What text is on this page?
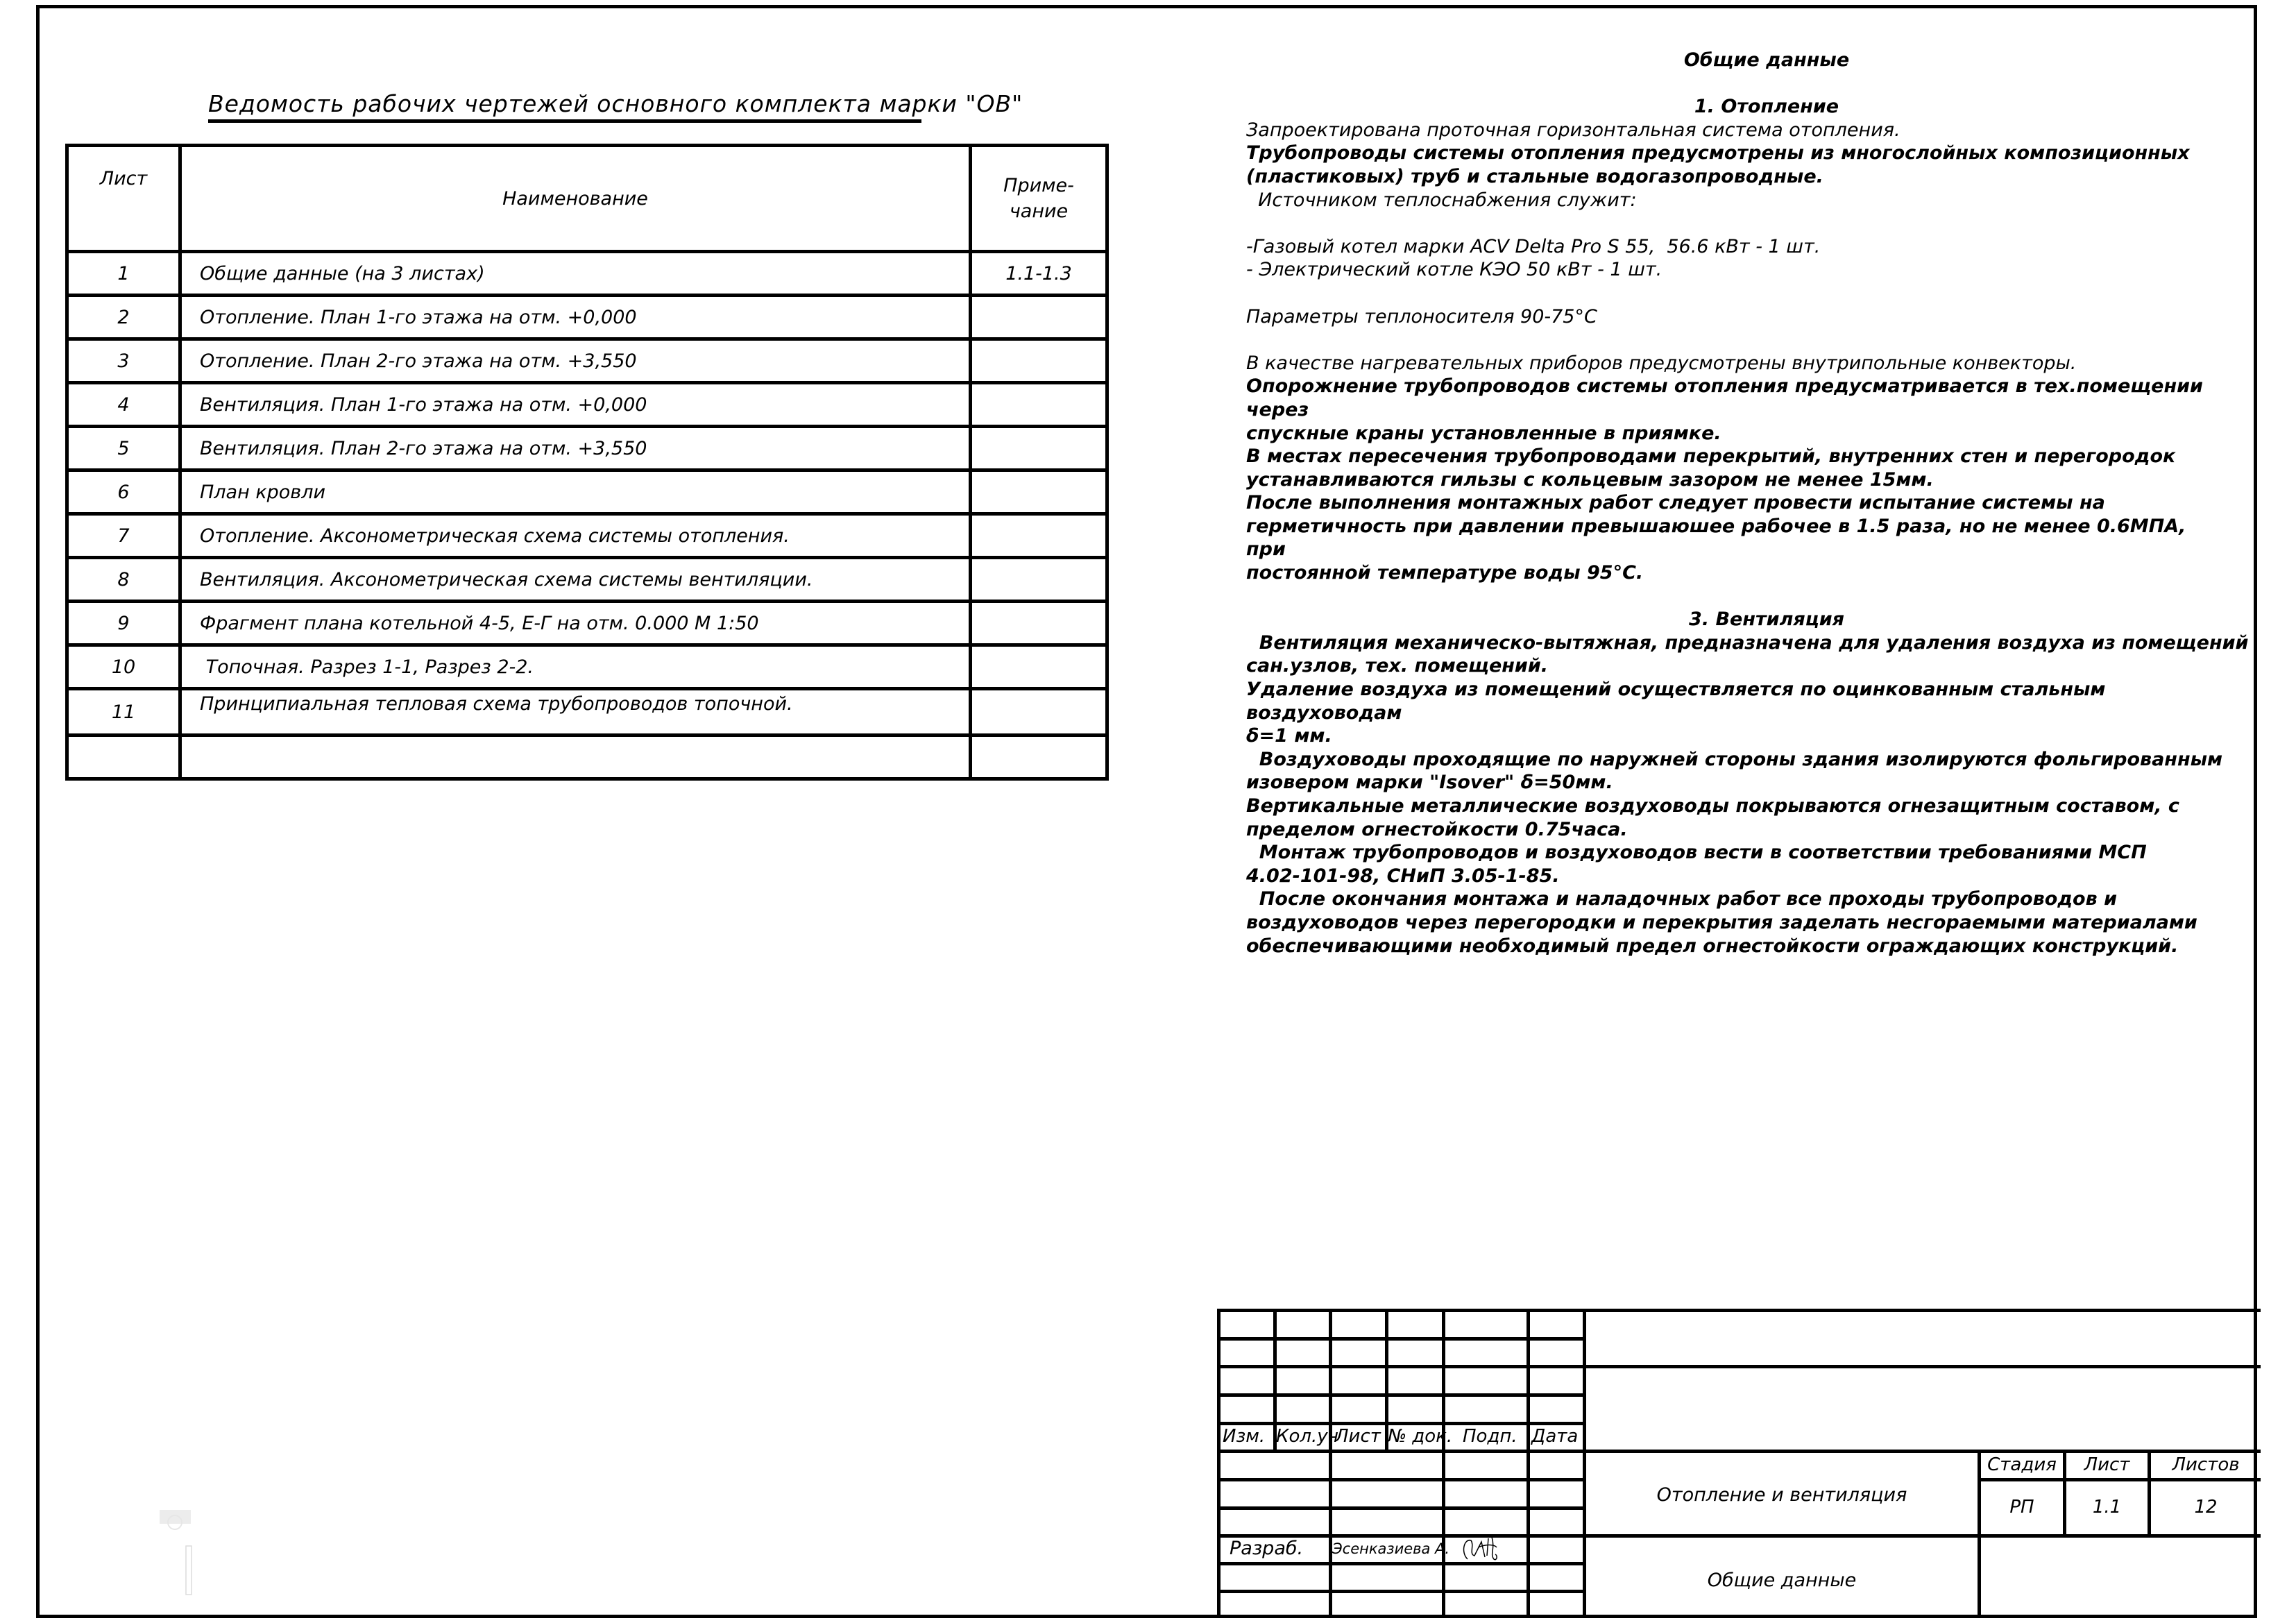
Ведомость рабочих чертежей основного комплекта марки "ОВ"
Лист	Наименование	Приме-
чание

1	Общие данные (на 3 листах)	1.1-1.3
2	Отопление. План 1-го этажа на отм. +0,000	
3	Отопление. План 2-го этажа на отм. +3,550	
4	Вентиляция. План 1-го этажа на отм. +0,000	
5	Вентиляция. План 2-го этажа на отм. +3,550	
6	План кровли	
7	Отопление. Аксонометрическая схема системы отопления.	
8	Вентиляция. Аксонометрическая схема системы вентиляции.	
9	Фрагмент плана котельной 4-5, Е-Г на отм. 0.000 М 1:50	
10	Топочная. Разрез 1-1, Разрез 2-2.	
11	Принципиальная тепловая схема трубопроводов топочной.	

Общие данные
1. Отопление
Запроектирована проточная горизонтальная система отопления.
Трубопроводы системы отопления предусмотрены из многослойных композиционных
(пластиковых) труб и стальные водогазопроводные.
Источником теплоснабжения служит:
-Газовый котел марки ACV Delta Pro S 55,  56.6 кВт - 1 шт.
- Электрический котле КЭО 50 кВт - 1 шт.
Параметры теплоносителя 90-75°С
В качестве нагревательных приборов предусмотрены внутрипольные конвекторы.
Опорожнение трубопроводов системы отопления предусматривается в тех.помещении через
спускные краны установленные в приямке.
В местах пересечения трубопроводами перекрытий, внутренних стен и перегородок
устанавливаются гильзы с кольцевым зазором не менее 15мм.
После выполнения монтажных работ следует провести испытание системы на
герметичность при давлении превышаюшее рабочее в 1.5 раза, но не менее 0.6МПА, при
постоянной температуре воды 95°С.
3. Вентиляция
Вентиляция механическо-вытяжная, предназначена для удаления воздуха из помещений
сан.узлов, тех. помещений.
Удаление воздуха из помещений осуществляется по оцинкованным стальным воздуховодам
δ=1 мм.
Воздуховоды проходящие по наружней стороны здания изолируются фольгированным
изовером марки "Isover" δ=50мм.
Вертикальные металлические воздуховоды покрываются огнезащитным составом, с
пределом огнестойкости 0.75часа.
Монтаж трубопроводов и воздуховодов вести в соответствии требованиями МСП
4.02-101-98, СНиП 3.05-1-85.
После окончания монтажа и наладочных работ все проходы трубопроводов и
воздуховодов через перегородки и перекрытия заделать несгораемыми материалами
обеспечивающими необходимый предел огнестойкости ограждающих конструкций.
Изм. Кол.уч
Лист № док. Подп. Дата
Разраб. Эсенказиева А.
Отопление и вентиляция
Общие данные
Стадия	Лист	Листов
РП	1.1	12
